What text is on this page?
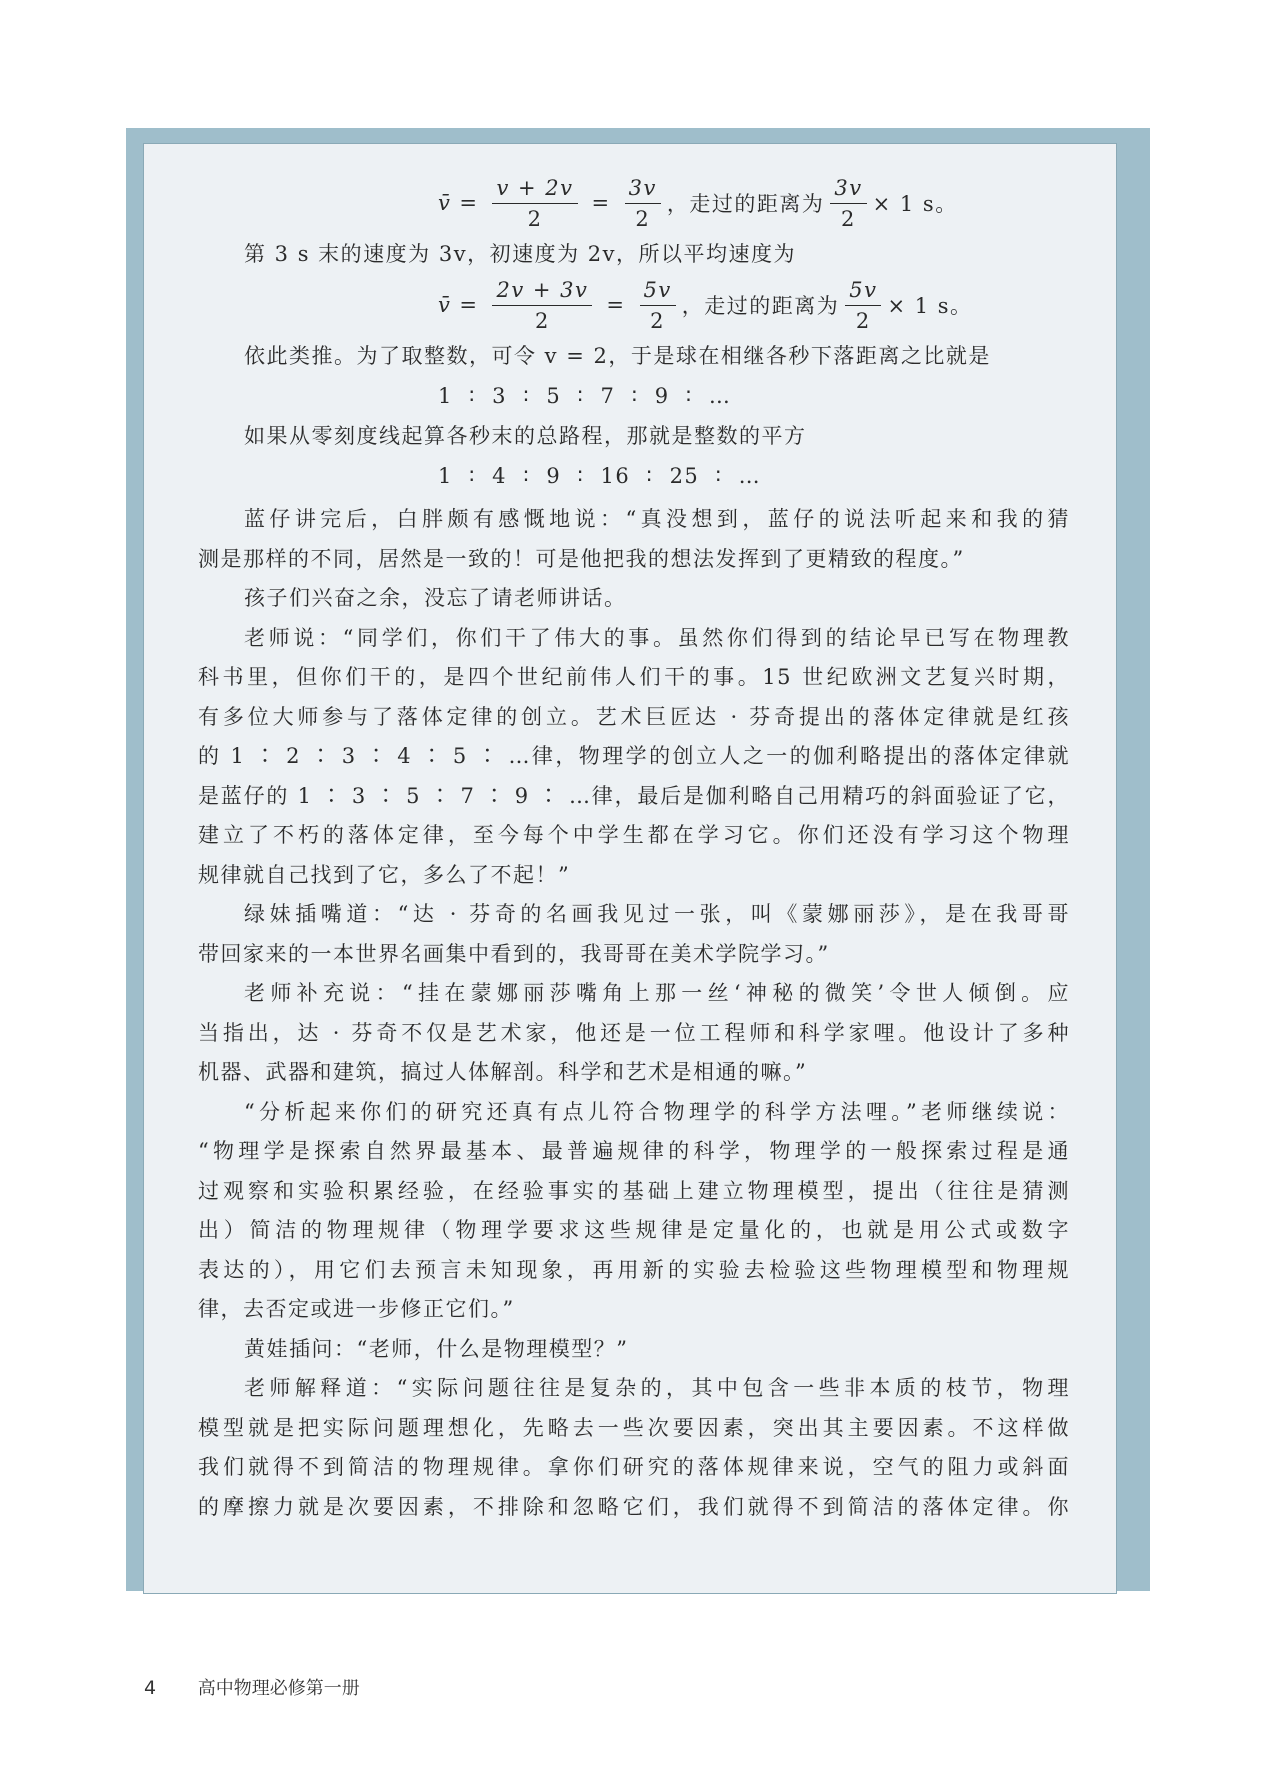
v̄ = $\frac{v + 2v}{2} = \frac{3v}{2}$ ，走过的距离为 $\frac{3v}{2} \times 1$ s。
第 3 s 末的速度为 3v，初速度为 2v，所以平均速度为
v̄ = $\frac{2v + 3v}{2} = \frac{5v}{2}$ ，走过的距离为 $\frac{5v}{2} \times 1$ s。
依此类推。为了取整数，可令 v = 2，于是球在相继各秒下落距离之比就是
1 ∶ 3 ∶ 5 ∶ 7 ∶ 9 ∶ …
如果从零刻度线起算各秒末的总路程，那就是整数的平方
1 ∶ 4 ∶ 9 ∶ 16 ∶ 25 ∶ …
蓝仔讲完后，白胖颇有感慨地说：“真没想到，蓝仔的说法听起来和我的猜
测是那样的不同，居然是一致的！可是他把我的想法发挥到了更精致的程度。”
孩子们兴奋之余，没忘了请老师讲话。
老师说：“同学们，你们干了伟大的事。虽然你们得到的结论早已写在物理教
科书里，但你们干的，是四个世纪前伟人们干的事。15 世纪欧洲文艺复兴时期，
有多位大师参与了落体定律的创立。艺术巨匠达 · 芬奇提出的落体定律就是红孩
的 1 ∶ 2 ∶ 3 ∶ 4 ∶ 5 ∶ …律，物理学的创立人之一的伽利略提出的落体定律就
是蓝仔的 1 ∶ 3 ∶ 5 ∶ 7 ∶ 9 ∶ …律，最后是伽利略自己用精巧的斜面验证了它，
建立了不朽的落体定律，至今每个中学生都在学习它。你们还没有学习这个物理
规律就自己找到了它，多么了不起！”
绿妹插嘴道：“达 · 芬奇的名画我见过一张，叫《蒙娜丽莎》，是在我哥哥
带回家来的一本世界名画集中看到的，我哥哥在美术学院学习。”
老师补充说：“挂在蒙娜丽莎嘴角上那一丝‘神秘的微笑’令世人倾倒。应
当指出，达 · 芬奇不仅是艺术家，他还是一位工程师和科学家哩。他设计了多种
机器、武器和建筑，搞过人体解剖。科学和艺术是相通的嘛。”
“分析起来你们的研究还真有点儿符合物理学的科学方法哩。”老师继续说：
“物理学是探索自然界最基本、最普遍规律的科学，物理学的一般探索过程是通
过观察和实验积累经验，在经验事实的基础上建立物理模型，提出（往往是猜测
出）简洁的物理规律（物理学要求这些规律是定量化的，也就是用公式或数字
表达的），用它们去预言未知现象，再用新的实验去检验这些物理模型和物理规
律，去否定或进一步修正它们。”
黄娃插问：“老师，什么是物理模型？”
老师解释道：“实际问题往往是复杂的，其中包含一些非本质的枝节，物理
模型就是把实际问题理想化，先略去一些次要因素，突出其主要因素。不这样做
我们就得不到简洁的物理规律。拿你们研究的落体规律来说，空气的阻力或斜面
的摩擦力就是次要因素，不排除和忽略它们，我们就得不到简洁的落体定律。你
4 高中物理必修第一册
